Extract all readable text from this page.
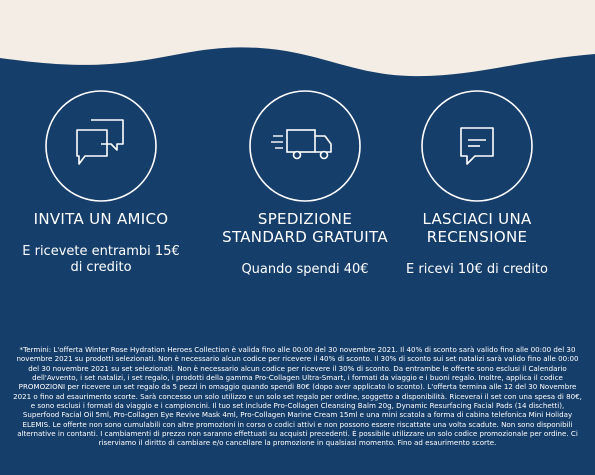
INVITA UN AMICO
E ricevete entrambi 15€ di credito
SPEDIZIONE STANDARD GRATUITA
Quando spendi 40€
LASCIACI UNA RECENSIONE
E ricevi 10€ di credito
*Termini: L'offerta Winter Rose Hydration Heroes Collection è valida fino alle 00:00 del 30 novembre 2021. Il 40% di sconto sarà valido fino alle 00:00 del 30 novembre 2021 su prodotti selezionati. Non è necessario alcun codice per ricevere il 40% di sconto. Il 30% di sconto sui set natalizi sarà valido fino alle 00:00 del 30 novembre 2021 su set selezionati. Non è necessario alcun codice per ricevere il 30% di sconto. Da entrambe le offerte sono esclusi il Calendario dell'Avvento, i set natalizi, i set regalo, i prodotti della gamma Pro-Collagen Ultra-Smart, i formati da viaggio e i buoni regalo. Inoltre, applica il codice PROMOZIONI per ricevere un set regalo da 5 pezzi in omaggio quando spendi 80€ (dopo aver applicato lo sconto). L'offerta termina alle 12 del 30 Novembre 2021 o fino ad esaurimento scorte. Sarà concesso un solo utilizzo e un solo set regalo per ordine, soggetto a disponibilità. Riceverai il set con una spesa di 80€, e sono esclusi i formati da viaggio e i campioncini. Il tuo set include Pro-Collagen Cleansing Balm 20g, Dynamic Resurfacing Facial Pads (14 dischetti), Superfood Facial Oil 5ml, Pro-Collagen Eye Revive Mask 4ml, Pro-Collagen Marine Cream 15ml e una mini scatola a forma di cabina telefonica Mini Holiday ELEMIS. Le offerte non sono cumulabili con altre promozioni in corso o codici attivi e non possono essere riscattate una volta scadute. Non sono disponibili alternative in contanti. I cambiamenti di prezzo non saranno effettuati su acquisti precedenti. È possibile utilizzare un solo codice promozionale per ordine. Ci riserviamo il diritto di cambiare e/o cancellare la promozione in qualsiasi momento. Fino ad esaurimento scorte.
